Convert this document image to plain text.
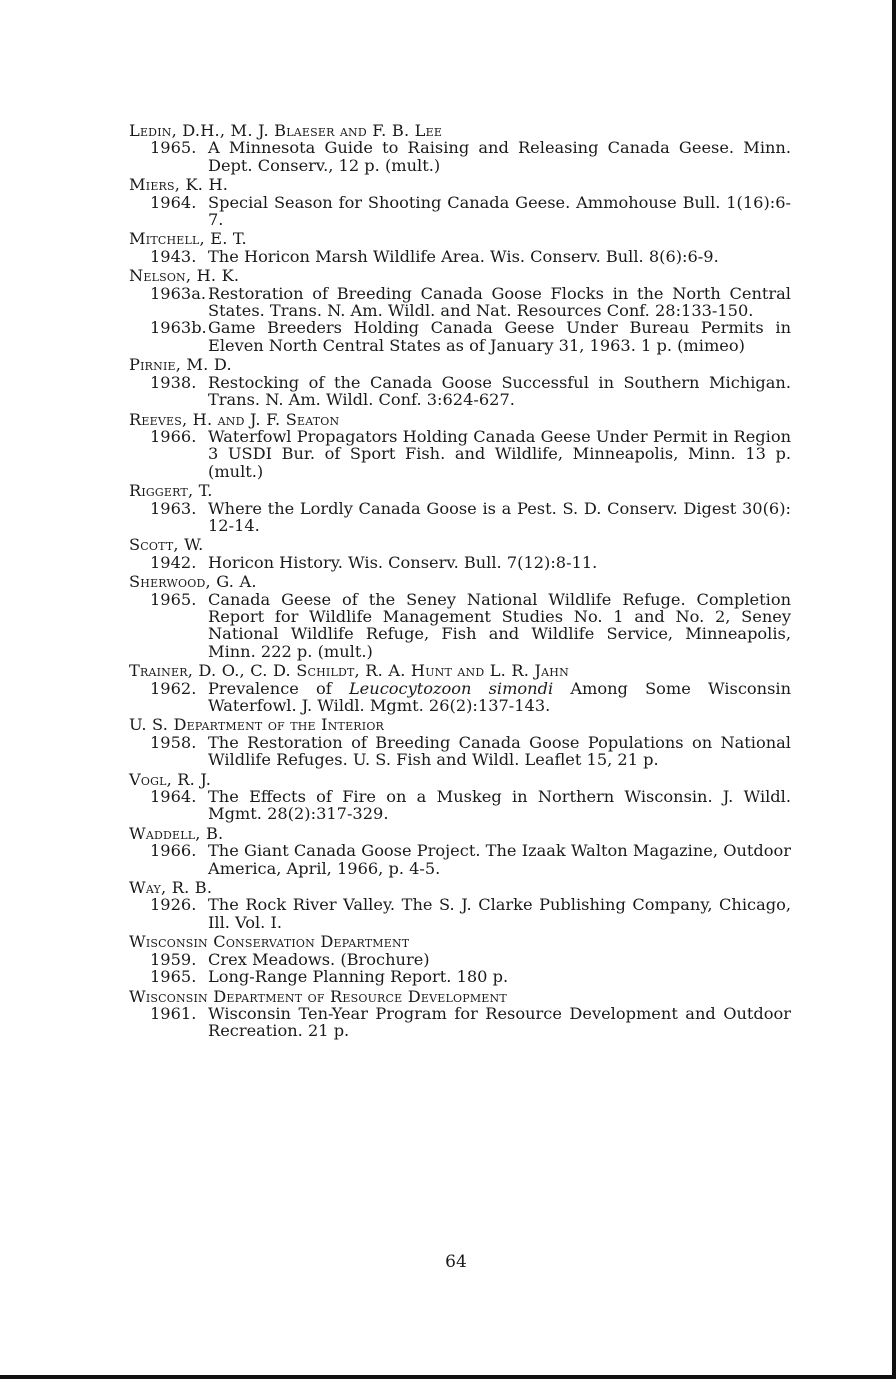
Ledin, D.H., M. J. Blaeser and F. B. Lee
1965. A Minnesota Guide to Raising and Releasing Canada Geese. Minn. Dept. Conserv., 12 p. (mult.)
Miers, K. H.
1964. Special Season for Shooting Canada Geese. Ammohouse Bull. 1(16):6-7.
Mitchell, E. T.
1943. The Horicon Marsh Wildlife Area. Wis. Conserv. Bull. 8(6):6-9.
Nelson, H. K.
1963a. Restoration of Breeding Canada Goose Flocks in the North Central States. Trans. N. Am. Wildl. and Nat. Resources Conf. 28:133-150.
1963b. Game Breeders Holding Canada Geese Under Bureau Permits in Eleven North Central States as of January 31, 1963. 1 p. (mimeo)
Pirnie, M. D.
1938. Restocking of the Canada Goose Successful in Southern Michigan. Trans. N. Am. Wildl. Conf. 3:624-627.
Reeves, H. and J. F. Seaton
1966. Waterfowl Propagators Holding Canada Geese Under Permit in Region 3 USDI Bur. of Sport Fish. and Wildlife, Minneapolis, Minn. 13 p. (mult.)
Riggert, T.
1963. Where the Lordly Canada Goose is a Pest. S. D. Conserv. Digest 30(6): 12-14.
Scott, W.
1942. Horicon History. Wis. Conserv. Bull. 7(12):8-11.
Sherwood, G. A.
1965. Canada Geese of the Seney National Wildlife Refuge. Completion Report for Wildlife Management Studies No. 1 and No. 2, Seney National Wildlife Refuge, Fish and Wildlife Service, Minneapolis, Minn. 222 p. (mult.)
Trainer, D. O., C. D. Schildt, R. A. Hunt and L. R. Jahn
1962. Prevalence of Leucocytozoon simondi Among Some Wisconsin Waterfowl. J. Wildl. Mgmt. 26(2):137-143.
U. S. Department of the Interior
1958. The Restoration of Breeding Canada Goose Populations on National Wildlife Refuges. U. S. Fish and Wildl. Leaflet 15, 21 p.
Vogl, R. J.
1964. The Effects of Fire on a Muskeg in Northern Wisconsin. J. Wildl. Mgmt. 28(2):317-329.
Waddell, B.
1966. The Giant Canada Goose Project. The Izaak Walton Magazine, Outdoor America, April, 1966, p. 4-5.
Way, R. B.
1926. The Rock River Valley. The S. J. Clarke Publishing Company, Chicago, Ill. Vol. I.
Wisconsin Conservation Department
1959. Crex Meadows. (Brochure)
1965. Long-Range Planning Report. 180 p.
Wisconsin Department of Resource Development
1961. Wisconsin Ten-Year Program for Resource Development and Outdoor Recreation. 21 p.
64
